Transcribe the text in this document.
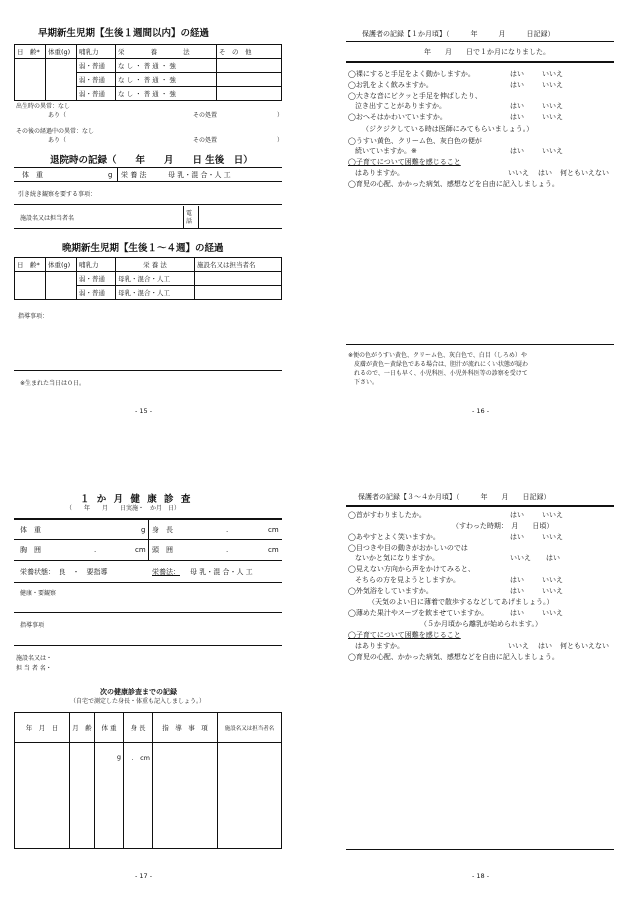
早期新生児期【生後１週間以内】の経過
日　齢*	体重(g)	哺乳力	栄 養 法	そ　の　他
		弱・普通	な し ・ 普 通 ・ 強	
		弱・普通	な し ・ 普 通 ・ 強	
		弱・普通	な し ・ 普 通 ・ 強	
出生時の異常：なし
あり（	その処置	）
その後の経過中の異常：なし
あり（	その処置	）
退院時の記録（　　年　　月　　日 生後　日）
体　重	g 栄 養 法	母 乳・混 合・人 工
引き続き観察を要する事項：
施設名又は担当者名
電話
晩期新生児期【生後１～４週】の経過
日　齢*	体重(g)	哺乳力	栄 養 法	施設名又は担当者名
		弱・普通	母乳・混合・人工	
		弱・普通	母乳・混合・人工	
指導事項：
※生まれた当日は０日。
- 15 -
保護者の記録【１か月頃】（　　　年　　　月　　　日記録）
年　　月　　日で１か月になりました。
◯裸にすると手足をよく動かしますか。	はい	いいえ
◯お乳をよく飲みますか。	はい	いいえ
◯大きな音にビクッと手足を伸ばしたり、
　泣き出すことがありますか。	はい	いいえ
◯おへそはかわいていますか。	はい	いいえ
（ジクジクしている時は医師にみてもらいましょう。）
◯うすい黄色、クリーム色、灰白色の便が
　続いていますか。※	はい	いいえ
◯子育てについて困難を感じること
　はありますか。	いいえ はい 何ともいえない
◯育児の心配、かかった病気、感想などを自由に記入しましょう。
※便の色がうすい黄色、クリーム色、灰白色で、白目（しろめ）や
　皮膚が黄色～黄緑色である場合は、胆汁が流れにくい状態が疑わ
　れるので、一日も早く、小児科医、小児外科医等の診察を受けて
　下さい。
- 16 -
１ か 月 健 康 診 査
（　　年　　月　　日実施・　か月　日）
体　重	g 身　長	.	cm
胸　囲	.	cm 頭　囲	.	cm
栄養状態：　良　・　要指導	栄養法： 母 乳・混 合・人 工
健康・要観察
指導事項
施設名又は・
担 当 者 名・
次の健康診査までの記録
（自宅で測定した身長・体重も記入しましょう。）
年　月　日	月　齢	体 重	身 長	指　導　事　項	施設名又は担当者名
		g	.　cm		
- 17 -
保護者の記録【３～４か月頃】（　　　年　　月　　日記録）
◯首がすわりましたか。	はい	いいえ
（すわった時期：　月　　日頃）
◯あやすとよく笑いますか。	はい	いいえ
◯目つきや目の動きがおかしいのでは
　ないかと気になりますか。	いいえ はい
◯見えない方向から声をかけてみると、
　そちらの方を見ようとしますか。	はい	いいえ
◯外気浴をしていますか。	はい	いいえ
（天気のよい日に薄着で散歩するなどしてあげましょう。）
◯薄めた果汁やスープを飲ませていますか。	はい	いいえ
（５か月頃から離乳が始められます。）
◯子育てについて困難を感じること
　はありますか。	いいえ はい 何ともいえない
◯育児の心配、かかった病気、感想などを自由に記入しましょう。
- 18 -
